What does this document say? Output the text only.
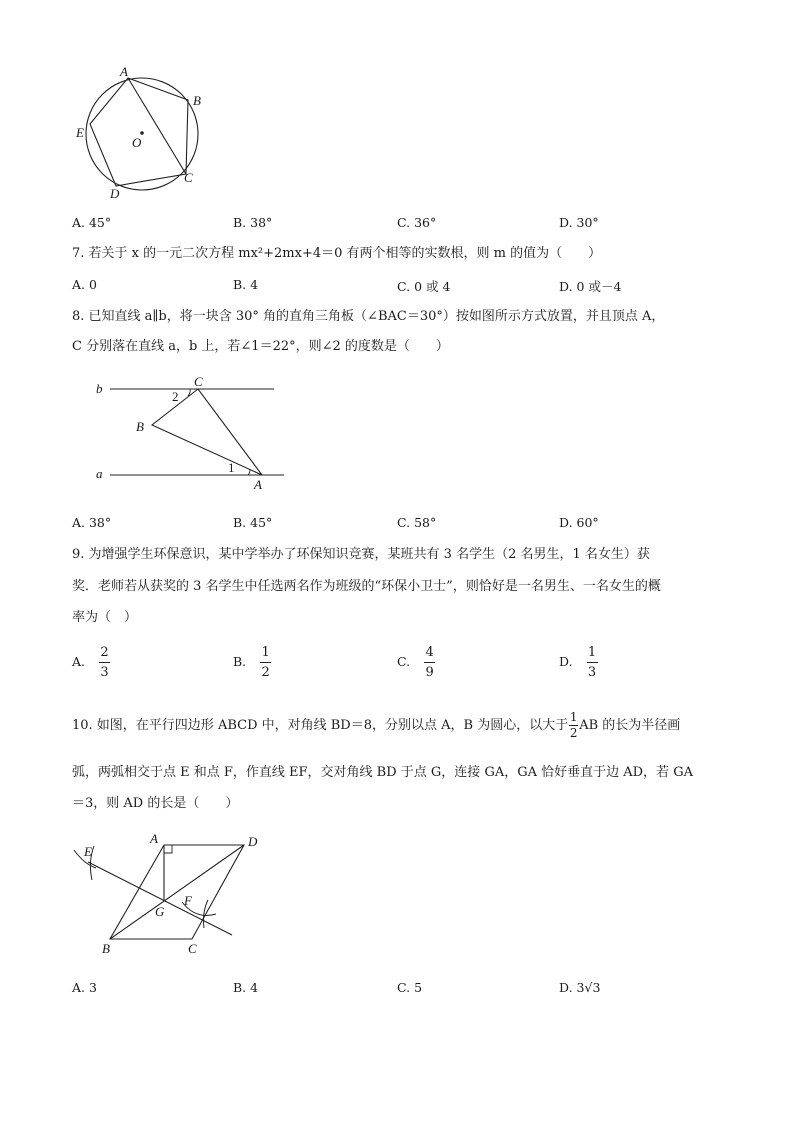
A
B
C
D
E
O
A. 45°	B. 38°	C. 36°	D. 30°
7. 若关于 x 的一元二次方程 mx²+2mx+4＝0 有两个相等的实数根，则 m 的值为（　　）
A. 0	B. 4	C. 0 或 4	D. 0 或－4
8. 已知直线 a∥b，将一块含 30° 角的直角三角板（∠BAC＝30°）按如图所示方式放置，并且顶点 A，
C 分别落在直线 a，b 上，若∠1＝22°，则∠2 的度数是（　　）
b	C
2
B
a	1
A
A. 38°	B. 45°	C. 58°	D. 60°
9. 为增强学生环保意识，某中学举办了环保知识竞赛，某班共有 3 名学生（2 名男生，1 名女生）获
奖．老师若从获奖的 3 名学生中任选两名作为班级的“环保小卫士”，则恰好是一名男生、一名女生的概
率为（　）
A. $\frac{2}{3}$	B. $\frac{1}{2}$	C. $\frac{4}{9}$	D. $\frac{1}{3}$
10. 如图，在平行四边形 ABCD 中，对角线 BD＝8，分别以点 A，B 为圆心，以大于 $\frac{1}{2}$ AB 的长为半径画
弧，两弧相交于点 E 和点 F，作直线 EF，交对角线 BD 于点 G，连接 GA，GA 恰好垂直于边 AD，若 GA
＝3，则 AD 的长是（　　）
E
A	D
F
G
B	C
A. 3	B. 4	C. 5	D. 3√3
